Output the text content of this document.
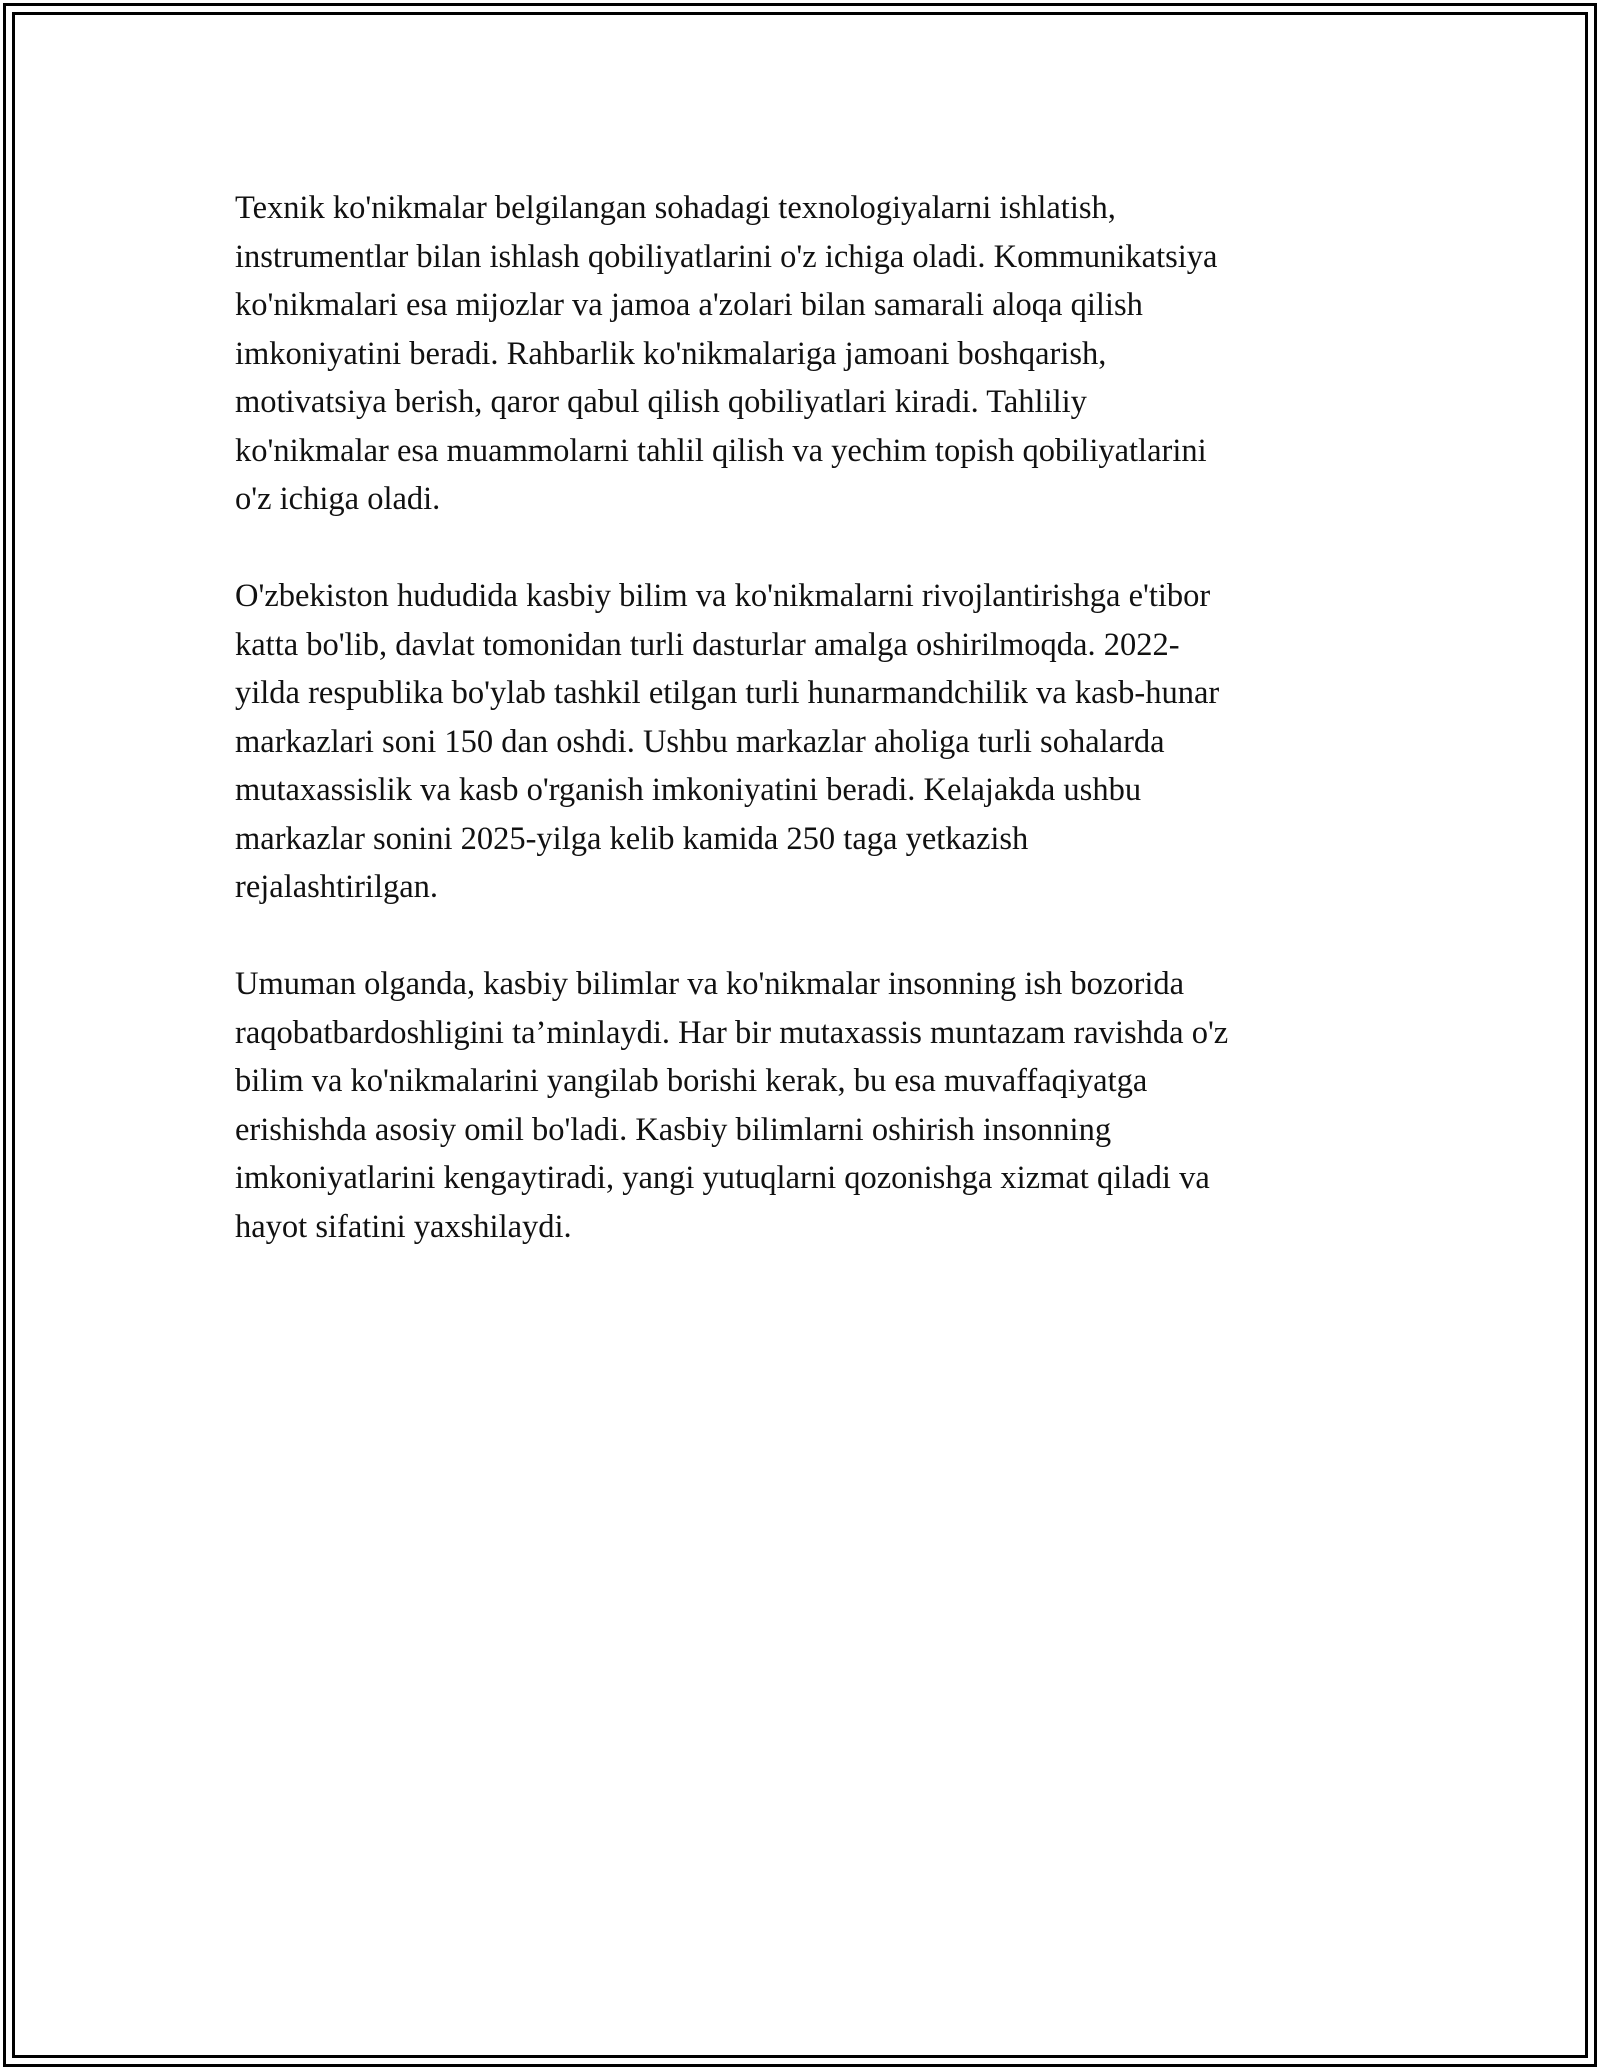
Texnik ko'nikmalar belgilangan sohadagi texnologiyalarni ishlatish,
instrumentlar bilan ishlash qobiliyatlarini o'z ichiga oladi. Kommunikatsiya
ko'nikmalari esa mijozlar va jamoa a'zolari bilan samarali aloqa qilish
imkoniyatini beradi. Rahbarlik ko'nikmalariga jamoani boshqarish,
motivatsiya berish, qaror qabul qilish qobiliyatlari kiradi. Tahliliy
ko'nikmalar esa muammolarni tahlil qilish va yechim topish qobiliyatlarini
o'z ichiga oladi.

O'zbekiston hududida kasbiy bilim va ko'nikmalarni rivojlantirishga e'tibor
katta bo'lib, davlat tomonidan turli dasturlar amalga oshirilmoqda. 2022-
yilda respublika bo'ylab tashkil etilgan turli hunarmandchilik va kasb-hunar
markazlari soni 150 dan oshdi. Ushbu markazlar aholiga turli sohalarda
mutaxassislik va kasb o'rganish imkoniyatini beradi. Kelajakda ushbu
markazlar sonini 2025-yilga kelib kamida 250 taga yetkazish
rejalashtirilgan.

Umuman olganda, kasbiy bilimlar va ko'nikmalar insonning ish bozorida
raqobatbardoshligini ta’minlaydi. Har bir mutaxassis muntazam ravishda o'z
bilim va ko'nikmalarini yangilab borishi kerak, bu esa muvaffaqiyatga
erishishda asosiy omil bo'ladi. Kasbiy bilimlarni oshirish insonning
imkoniyatlarini kengaytiradi, yangi yutuqlarni qozonishga xizmat qiladi va
hayot sifatini yaxshilaydi.
